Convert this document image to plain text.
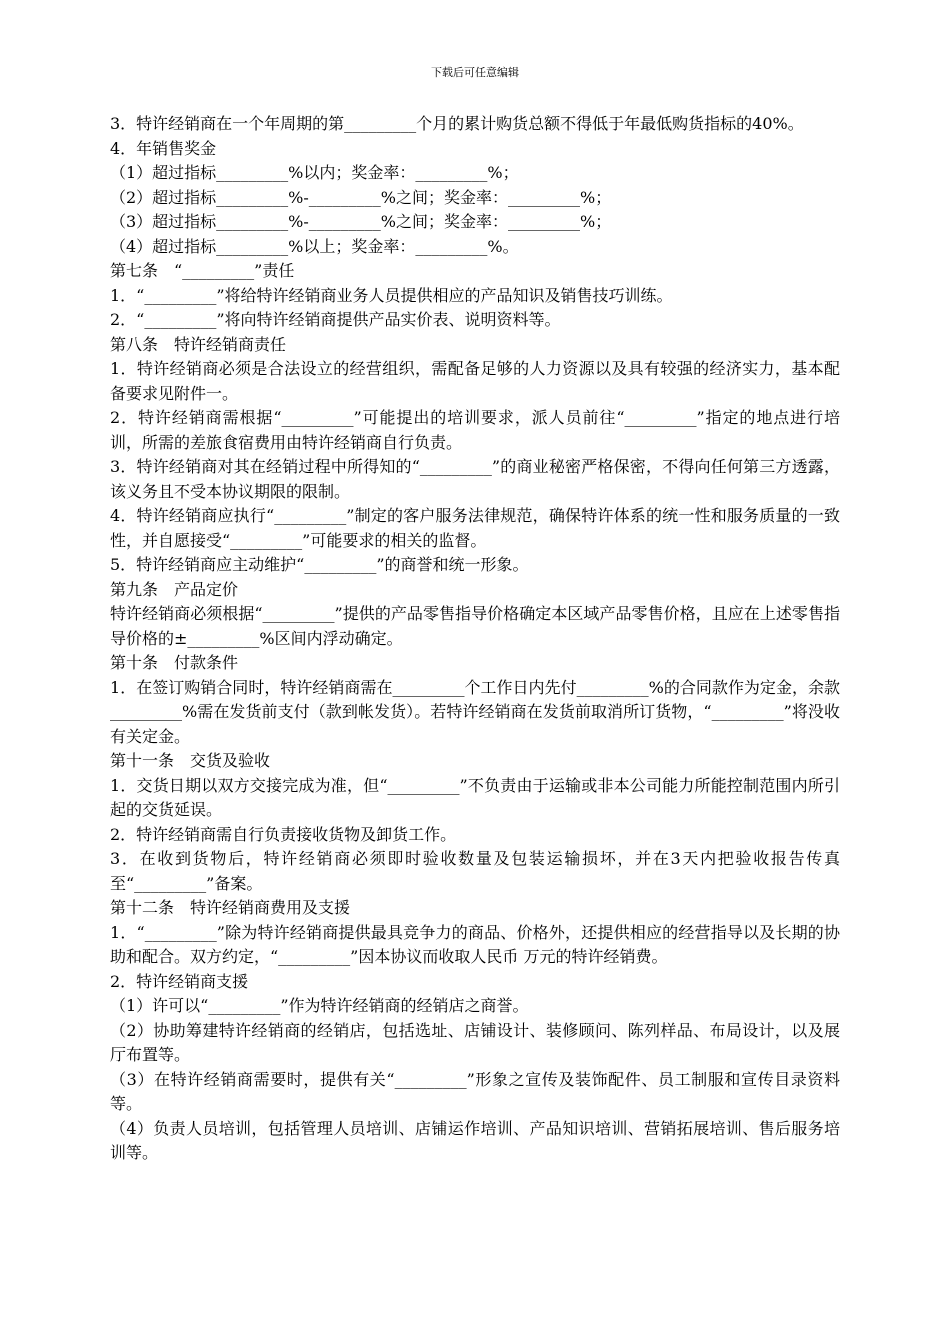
下载后可任意编辑

3．特许经销商在一个年周期的第_________个月的累计购货总额不得低于年最低购货指标的40%。

4．年销售奖金

（1）超过指标_________%以内；奖金率：_________%；

（2）超过指标_________%-_________%之间；奖金率：_________%；

（3）超过指标_________%-_________%之间；奖金率：_________%；

（4）超过指标_________%以上；奖金率：_________%。

第七条　“_________”责任

1．“_________”将给特许经销商业务人员提供相应的产品知识及销售技巧训练。

2．“_________”将向特许经销商提供产品实价表、说明资料等。

第八条　特许经销商责任

1．特许经销商必须是合法设立的经营组织，需配备足够的人力资源以及具有较强的经济实力，基本配备要求见附件一。

2．特许经销商需根据“_________”可能提出的培训要求，派人员前往“_________”指定的地点进行培训，所需的差旅食宿费用由特许经销商自行负责。

3．特许经销商对其在经销过程中所得知的“_________”的商业秘密严格保密，不得向任何第三方透露，该义务且不受本协议期限的限制。

4．特许经销商应执行“_________”制定的客户服务法律规范，确保特许体系的统一性和服务质量的一致性，并自愿接受“_________”可能要求的相关的监督。

5．特许经销商应主动维护“_________”的商誉和统一形象。

第九条　产品定价

特许经销商必须根据“_________”提供的产品零售指导价格确定本区域产品零售价格，且应在上述零售指导价格的±_________%区间内浮动确定。

第十条　付款条件

1．在签订购销合同时，特许经销商需在_________个工作日内先付_________%的合同款作为定金，余款_________%需在发货前支付（款到帐发货）。若特许经销商在发货前取消所订货物，“_________”将没收有关定金。

第十一条　交货及验收

1．交货日期以双方交接完成为准，但“_________”不负责由于运输或非本公司能力所能控制范围内所引起的交货延误。

2．特许经销商需自行负责接收货物及卸货工作。

3．在收到货物后，特许经销商必须即时验收数量及包装运输损坏，并在3天内把验收报告传真至“_________”备案。

第十二条　特许经销商费用及支援

1．“_________”除为特许经销商提供最具竞争力的商品、价格外，还提供相应的经营指导以及长期的协助和配合。双方约定，“_________”因本协议而收取人民币 万元的特许经销费。

2．特许经销商支援

（1）许可以“_________”作为特许经销商的经销店之商誉。

（2）协助筹建特许经销商的经销店，包括选址、店铺设计、装修顾问、陈列样品、布局设计，以及展厅布置等。

（3）在特许经销商需要时，提供有关“_________”形象之宣传及装饰配件、员工制服和宣传目录资料等。

（4）负责人员培训，包括管理人员培训、店铺运作培训、产品知识培训、营销拓展培训、售后服务培训等。
